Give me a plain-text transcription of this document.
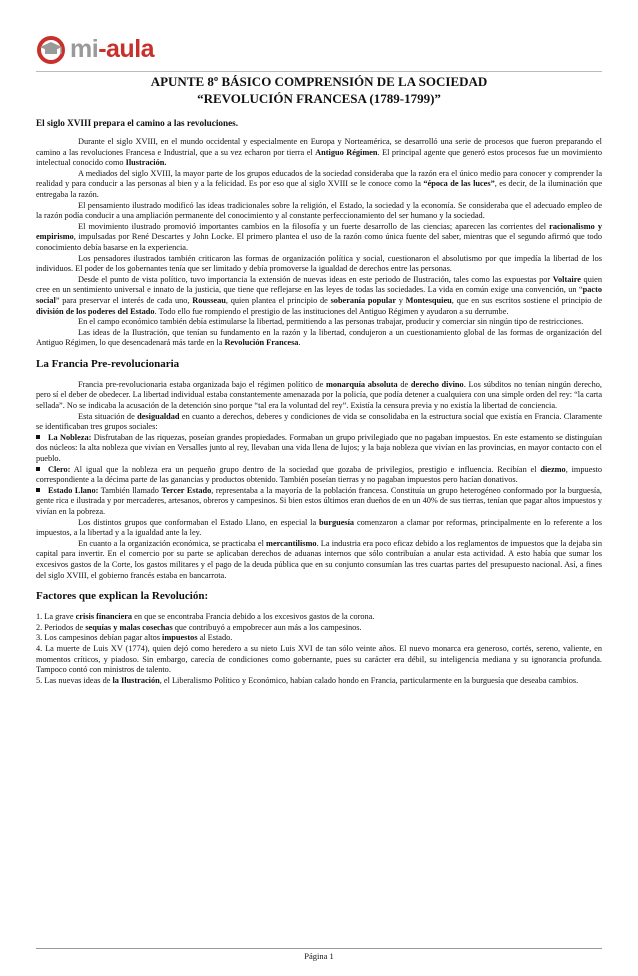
mi-aula
APUNTE 8º BÁSICO COMPRENSIÓN DE LA SOCIEDAD
“REVOLUCIÓN FRANCESA (1789-1799)”
El siglo XVIII prepara el camino a las revoluciones.

Durante el siglo XVIII, en el mundo occidental y especialmente en Europa y Norteamérica, se desarrolló una serie de procesos que fueron preparando el camino a las revoluciones Francesa e Industrial, que a su vez echaron por tierra el Antiguo Régimen. El principal agente que generó estos procesos fue un movimiento intelectual conocido como Ilustración.

A mediados del siglo XVIII, la mayor parte de los grupos educados de la sociedad consideraba que la razón era el único medio para conocer y comprender la realidad y para conducir a las personas al bien y a la felicidad. Es por eso que al siglo XVIII se le conoce como la “época de las luces”, es decir, de la iluminación que entregaba la razón.

El pensamiento ilustrado modificó las ideas tradicionales sobre la religión, el Estado, la sociedad y la economía. Se consideraba que el adecuado empleo de la razón podía conducir a una ampliación permanente del conocimiento y al constante perfeccionamiento del ser humano y la sociedad.

El movimiento ilustrado promovió importantes cambios en la filosofía y un fuerte desarrollo de las ciencias; aparecen las corrientes del racionalismo y empirismo, impulsadas por René Descartes y John Locke. El primero plantea el uso de la razón como única fuente del saber, mientras que el segundo afirmó que todo conocimiento debía basarse en la experiencia.

Los pensadores ilustrados también criticaron las formas de organización política y social, cuestionaron el absolutismo por que impedía la libertad de los individuos. El poder de los gobernantes tenía que ser limitado y debía promoverse la igualdad de derechos entre las personas.

Desde el punto de vista político, tuvo importancia la extensión de nuevas ideas en este periodo de Ilustración, tales como las expuestas por Voltaire quien cree en un sentimiento universal e innato de la justicia, que tiene que reflejarse en las leyes de todas las sociedades. La vida en común exige una convención, un “pacto social” para preservar el interés de cada uno, Rousseau, quien plantea el principio de soberanía popular y Montesquieu, que en sus escritos sostiene el principio de división de los poderes del Estado. Todo ello fue rompiendo el prestigio de las instituciones del Antiguo Régimen y ayudaron a su derrumbe.

En el campo económico también debía estimularse la libertad, permitiendo a las personas trabajar, producir y comerciar sin ningún tipo de restricciones.

Las ideas de la Ilustración, que tenían su fundamento en la razón y la libertad, condujeron a un cuestionamiento global de las formas de organización del Antiguo Régimen, lo que desencadenará más tarde en la Revolución Francesa.

La Francia Pre-revolucionaria

Francia pre-revolucionaria estaba organizada bajo el régimen político de monarquía absoluta de derecho divino. Los súbditos no tenían ningún derecho, pero sí el deber de obedecer. La libertad individual estaba constantemente amenazada por la policía, que podía detener a cualquiera con una simple orden del rey: “la carta sellada”. No se indicaba la acusación de la detención sino porque “tal era la voluntad del rey”. Existía la censura previa y no existía la libertad de conciencia.

Esta situación de desigualdad en cuanto a derechos, deberes y condiciones de vida se consolidaba en la estructura social que existía en Francia. Claramente se identificaban tres grupos sociales:

La Nobleza: Disfrutaban de las riquezas, poseían grandes propiedades. Formaban un grupo privilegiado que no pagaban impuestos. En este estamento se distinguían dos núcleos: la alta nobleza que vivían en Versalles junto al rey, llevaban una vida llena de lujos; y la baja nobleza que vivían en las provincias, en mayor contacto con el pueblo.

Clero: Al igual que la nobleza era un pequeño grupo dentro de la sociedad que gozaba de privilegios, prestigio e influencia. Recibían el diezmo, impuesto correspondiente a la décima parte de las ganancias y productos obtenido. También poseían tierras y no pagaban impuestos pero hacían donativos.

Estado Llano: También llamado Tercer Estado, representaba a la mayoría de la población francesa. Constituía un grupo heterogéneo conformado por la burguesía, gente rica e ilustrada y por mercaderes, artesanos, obreros y campesinos. Si bien estos últimos eran dueños de en un 40% de sus tierras, tenían que pagar altos impuestos y vivían en la pobreza.

Los distintos grupos que conformaban el Estado Llano, en especial la burguesía comenzaron a clamar por reformas, principalmente en lo referente a los impuestos, a la libertad y a la igualdad ante la ley.

En cuanto a la organización económica, se practicaba el mercantilismo. La industria era poco eficaz debido a los reglamentos de impuestos que la dejaba sin capital para invertir. En el comercio por su parte se aplicaban derechos de aduanas internos que sólo contribuían a anular esta actividad. A esto había que sumar los excesivos gastos de la Corte, los gastos militares y el pago de la deuda pública que en su conjunto consumían las tres cuartas partes del presupuesto nacional. Así, a fines del siglo XVIII, el gobierno francés estaba en bancarrota.

Factores que explican la Revolución:

1. La grave crisis financiera en que se encontraba Francia debido a los excesivos gastos de la corona.

2. Periodos de sequías y malas cosechas que contribuyó a empobrecer aun más a los campesinos.

3. Los campesinos debían pagar altos impuestos al Estado.

4. La muerte de Luis XV (1774), quien dejó como heredero a su nieto Luis XVI de tan sólo veinte años. El nuevo monarca era generoso, cortés, sereno, valiente, en momentos críticos, y piadoso. Sin embargo, carecía de condiciones como gobernante, pues su carácter era débil, su inteligencia mediana y su ignorancia profunda. Tampoco contó con ministros de talento.

5. Las nuevas ideas de la Ilustración, el Liberalismo Político y Económico, habían calado hondo en Francia, particularmente en la burguesía que deseaba cambios.

Página 1
